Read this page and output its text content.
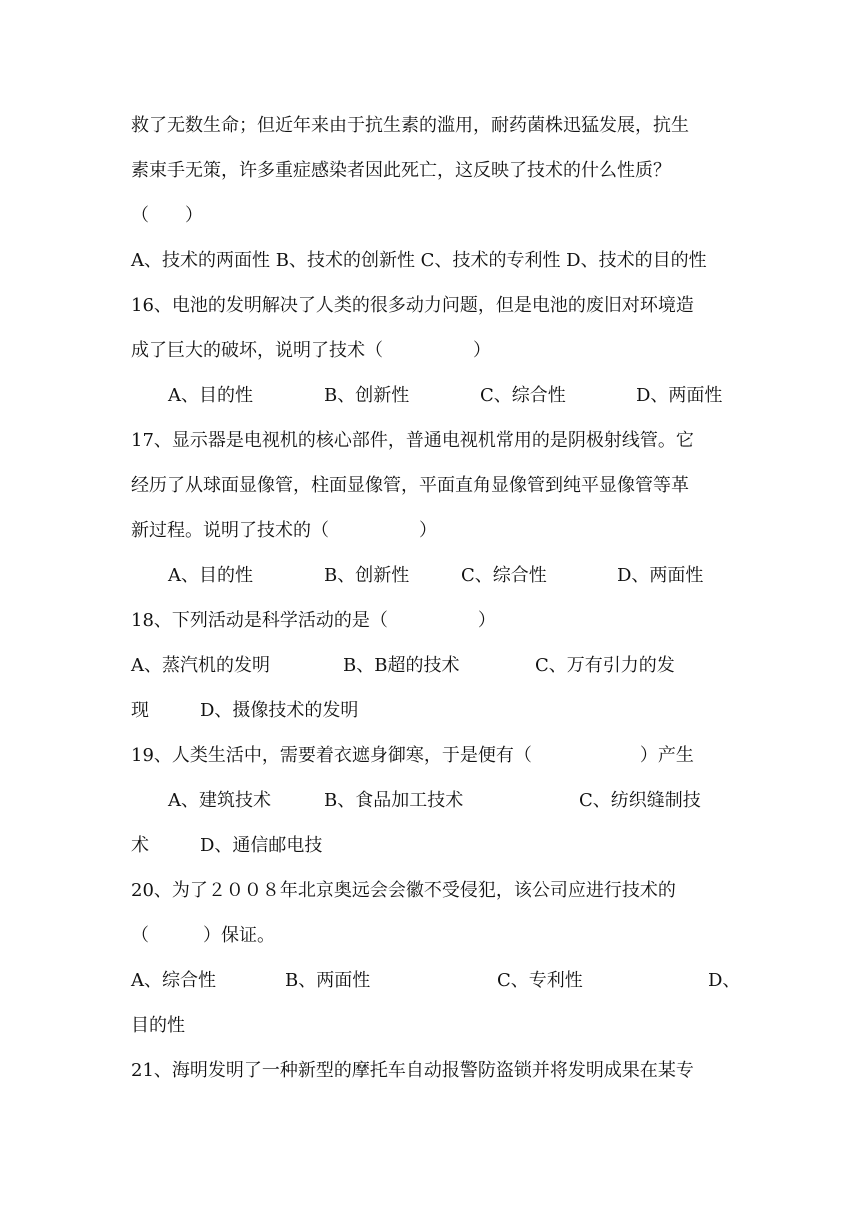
救了无数生命；但近年来由于抗生素的滥用，耐药菌株迅猛发展，抗生
素束手无策，许多重症感染者因此死亡，这反映了技术的什么性质？
（　　）
A、技术的两面性 B、技术的创新性 C、技术的专利性 D、技术的目的性
16、电池的发明解决了人类的很多动力问题，但是电池的废旧对环境造
成了巨大的破坏，说明了技术（　　　　　）
A、目的性	B、创新性	C、综合性	D、两面性
17、显示器是电视机的核心部件，普通电视机常用的是阴极射线管。它
经历了从球面显像管，柱面显像管，平面直角显像管到纯平显像管等革
新过程。说明了技术的（　　　　　）
A、目的性	B、创新性	C、综合性	D、两面性
18、下列活动是科学活动的是（　　　　　）
A、蒸汽机的发明	B、B超的技术	C、万有引力的发
现	D、摄像技术的发明
19、人类生活中，需要着衣遮身御寒，于是便有（　　　　　　）产生
A、建筑技术	B、食品加工技术	C、纺织缝制技
术	D、通信邮电技
20、为了２００８年北京奥远会会徽不受侵犯，该公司应进行技术的
（　　　）保证。
A、综合性	B、两面性	C、专利性	D、
目的性
21、海明发明了一种新型的摩托车自动报警防盗锁并将发明成果在某专
